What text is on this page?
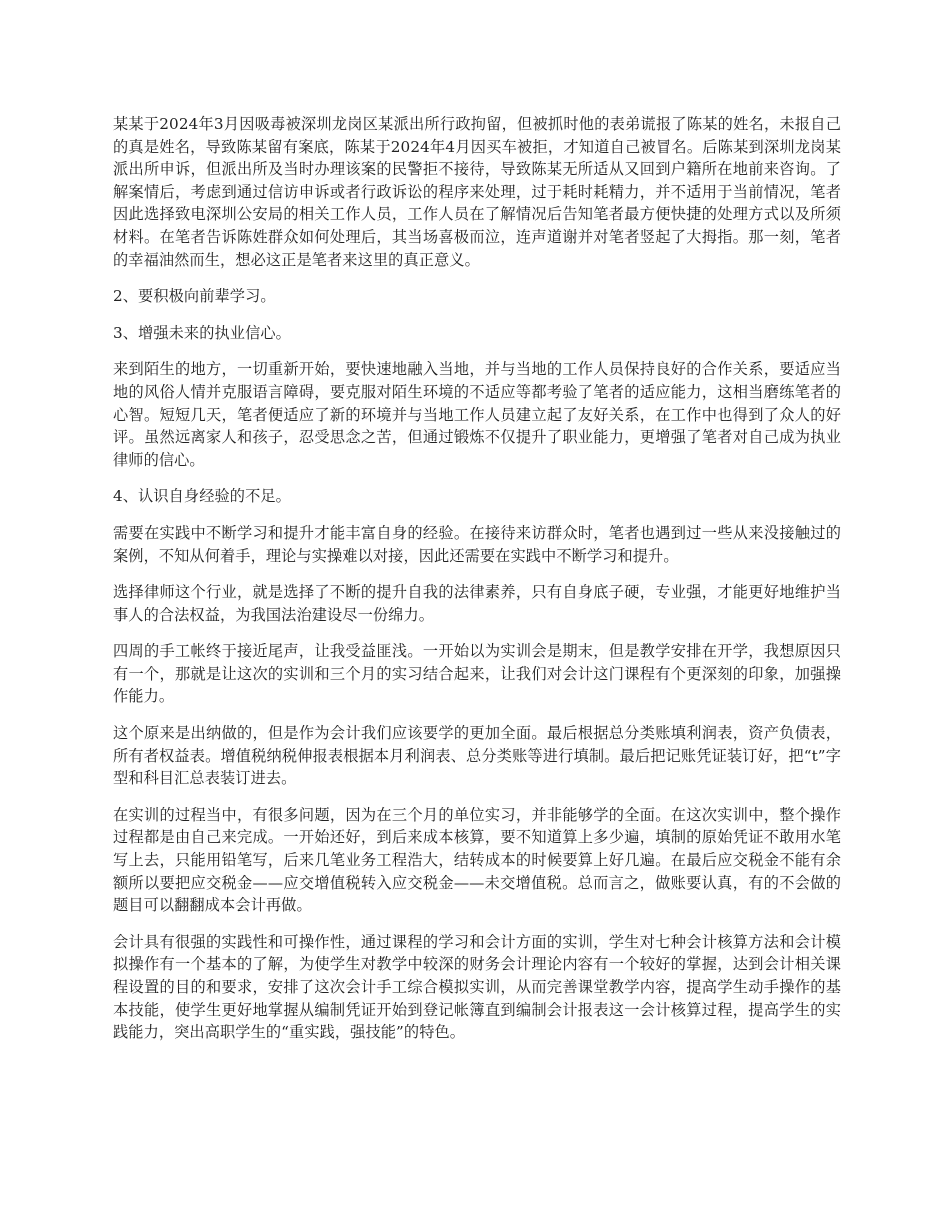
某某于2024年3月因吸毒被深圳龙岗区某派出所行政拘留，但被抓时他的表弟谎报了陈某的姓名，未报自己的真是姓名，导致陈某留有案底，陈某于2024年4月因买车被拒，才知道自己被冒名。后陈某到深圳龙岗某派出所申诉，但派出所及当时办理该案的民警拒不接待，导致陈某无所适从又回到户籍所在地前来咨询。了解案情后，考虑到通过信访申诉或者行政诉讼的程序来处理，过于耗时耗精力，并不适用于当前情况，笔者因此选择致电深圳公安局的相关工作人员，工作人员在了解情况后告知笔者最方便快捷的处理方式以及所须材料。在笔者告诉陈姓群众如何处理后，其当场喜极而泣，连声道谢并对笔者竖起了大拇指。那一刻，笔者的幸福油然而生，想必这正是笔者来这里的真正意义。

2、要积极向前辈学习。

3、增强未来的执业信心。

来到陌生的地方，一切重新开始，要快速地融入当地，并与当地的工作人员保持良好的合作关系，要适应当地的风俗人情并克服语言障碍，要克服对陌生环境的不适应等都考验了笔者的适应能力，这相当磨练笔者的心智。短短几天，笔者便适应了新的环境并与当地工作人员建立起了友好关系，在工作中也得到了众人的好评。虽然远离家人和孩子，忍受思念之苦，但通过锻炼不仅提升了职业能力，更增强了笔者对自己成为执业律师的信心。

4、认识自身经验的不足。

需要在实践中不断学习和提升才能丰富自身的经验。在接待来访群众时，笔者也遇到过一些从来没接触过的案例，不知从何着手，理论与实操难以对接，因此还需要在实践中不断学习和提升。

选择律师这个行业，就是选择了不断的提升自我的法律素养，只有自身底子硬，专业强，才能更好地维护当事人的合法权益，为我国法治建设尽一份绵力。

四周的手工帐终于接近尾声，让我受益匪浅。一开始以为实训会是期末，但是教学安排在开学，我想原因只有一个，那就是让这次的实训和三个月的实习结合起来，让我们对会计这门课程有个更深刻的印象，加强操作能力。

这个原来是出纳做的，但是作为会计我们应该要学的更加全面。最后根据总分类账填利润表，资产负债表，所有者权益表。增值税纳税伸报表根据本月利润表、总分类账等进行填制。最后把记账凭证装订好，把“t”字型和科目汇总表装订进去。

在实训的过程当中，有很多问题，因为在三个月的单位实习，并非能够学的全面。在这次实训中，整个操作过程都是由自己来完成。一开始还好，到后来成本核算，要不知道算上多少遍，填制的原始凭证不敢用水笔写上去，只能用铅笔写，后来几笔业务工程浩大，结转成本的时候要算上好几遍。在最后应交税金不能有余额所以要把应交税金——应交增值税转入应交税金——未交增值税。总而言之，做账要认真，有的不会做的题目可以翻翻成本会计再做。

会计具有很强的实践性和可操作性，通过课程的学习和会计方面的实训，学生对七种会计核算方法和会计模拟操作有一个基本的了解，为使学生对教学中较深的财务会计理论内容有一个较好的掌握，达到会计相关课程设置的目的和要求，安排了这次会计手工综合模拟实训，从而完善课堂教学内容，提高学生动手操作的基本技能，使学生更好地掌握从编制凭证开始到登记帐簿直到编制会计报表这一会计核算过程，提高学生的实践能力，突出高职学生的“重实践，强技能”的特色。
